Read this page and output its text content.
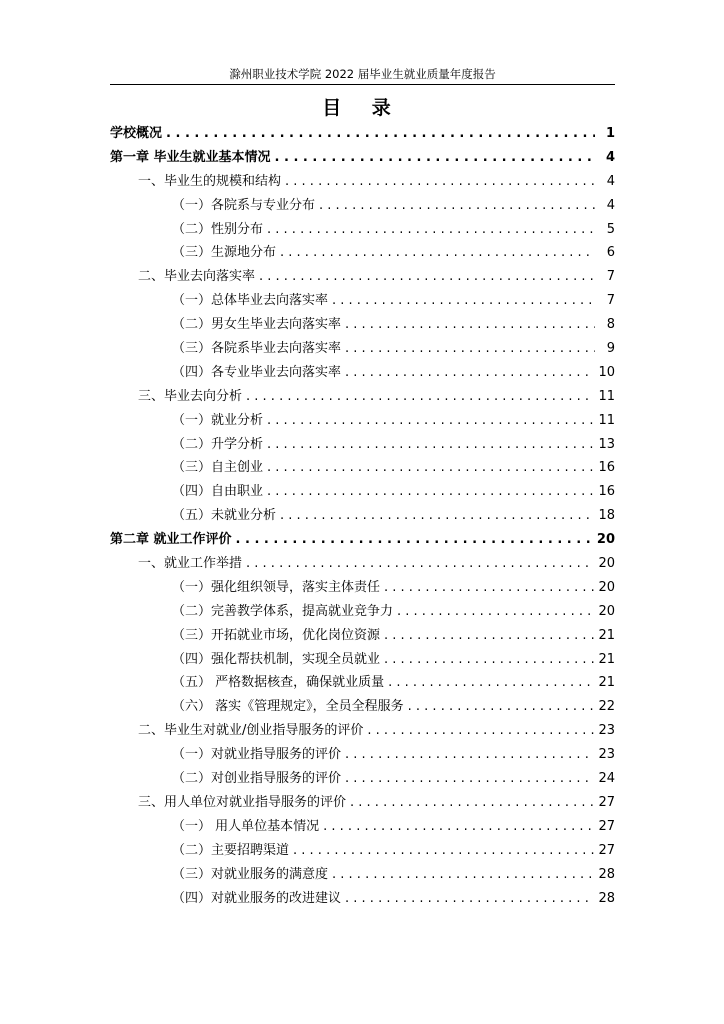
滁州职业技术学院 2022 届毕业生就业质量年度报告
目 录
学校概况 . . .	1
第一章 毕业生就业基本情况 . . .	4
一、毕业生的规模和结构 . . .	4
（一）各院系与专业分布 . . .	4
（二）性别分布 . . .	5
（三）生源地分布 . . .	6
二、毕业去向落实率 . . .	7
（一）总体毕业去向落实率 . . .	7
（二）男女生毕业去向落实率 . . .	8
（三）各院系毕业去向落实率 . . .	9
（四）各专业毕业去向落实率 . . .	10
三、毕业去向分析 . . .	11
（一）就业分析 . . .	11
（二）升学分析 . . .	13
（三）自主创业 . . .	16
（四）自由职业 . . .	16
（五）未就业分析 . . .	18
第二章 就业工作评价 . . .	20
一、就业工作举措 . . .	20
（一）强化组织领导，落实主体责任 . . .	20
（二）完善教学体系，提高就业竞争力 . . .	20
（三）开拓就业市场，优化岗位资源 . . .	21
（四）强化帮扶机制，实现全员就业 . . .	21
（五） 严格数据核查，确保就业质量 . . .	21
（六） 落实《管理规定》，全员全程服务 . . .	22
二、毕业生对就业/创业指导服务的评价 . . .	23
（一）对就业指导服务的评价 . . .	23
（二）对创业指导服务的评价 . . .	24
三、用人单位对就业指导服务的评价 . . .	27
（一） 用人单位基本情况 . . .	27
（二）主要招聘渠道 . . .	27
（三）对就业服务的满意度 . . .	28
（四）对就业服务的改进建议 . . .	28
